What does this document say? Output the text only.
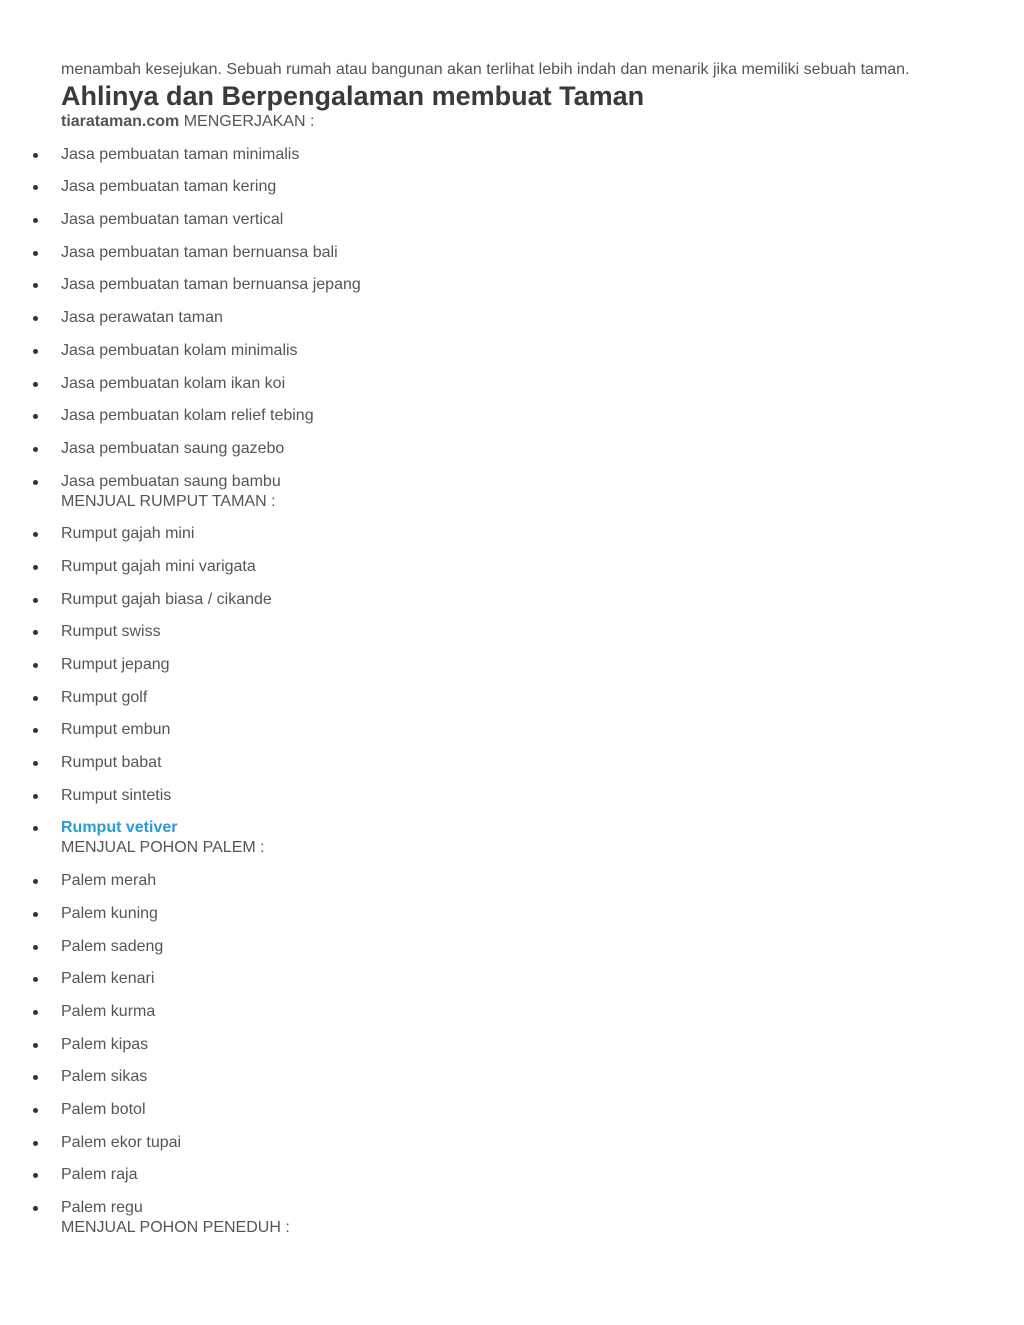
menambah kesejukan. Sebuah rumah atau bangunan akan terlihat lebih indah dan menarik jika memiliki sebuah taman.

Ahlinya dan Berpengalaman membuat Taman

tiarataman.com MENGERJAKAN :

Jasa pembuatan taman minimalis
Jasa pembuatan taman kering
Jasa pembuatan taman vertical
Jasa pembuatan taman bernuansa bali
Jasa pembuatan taman bernuansa jepang
Jasa perawatan taman
Jasa pembuatan kolam minimalis
Jasa pembuatan kolam ikan koi
Jasa pembuatan kolam relief tebing
Jasa pembuatan saung gazebo
Jasa pembuatan saung bambu

MENJUAL RUMPUT TAMAN :

Rumput gajah mini
Rumput gajah mini varigata
Rumput gajah biasa / cikande
Rumput swiss
Rumput jepang
Rumput golf
Rumput embun
Rumput babat
Rumput sintetis
Rumput vetiver

MENJUAL POHON PALEM :

Palem merah
Palem kuning
Palem sadeng
Palem kenari
Palem kurma
Palem kipas
Palem sikas
Palem botol
Palem ekor tupai
Palem raja
Palem regu

MENJUAL POHON PENEDUH :
